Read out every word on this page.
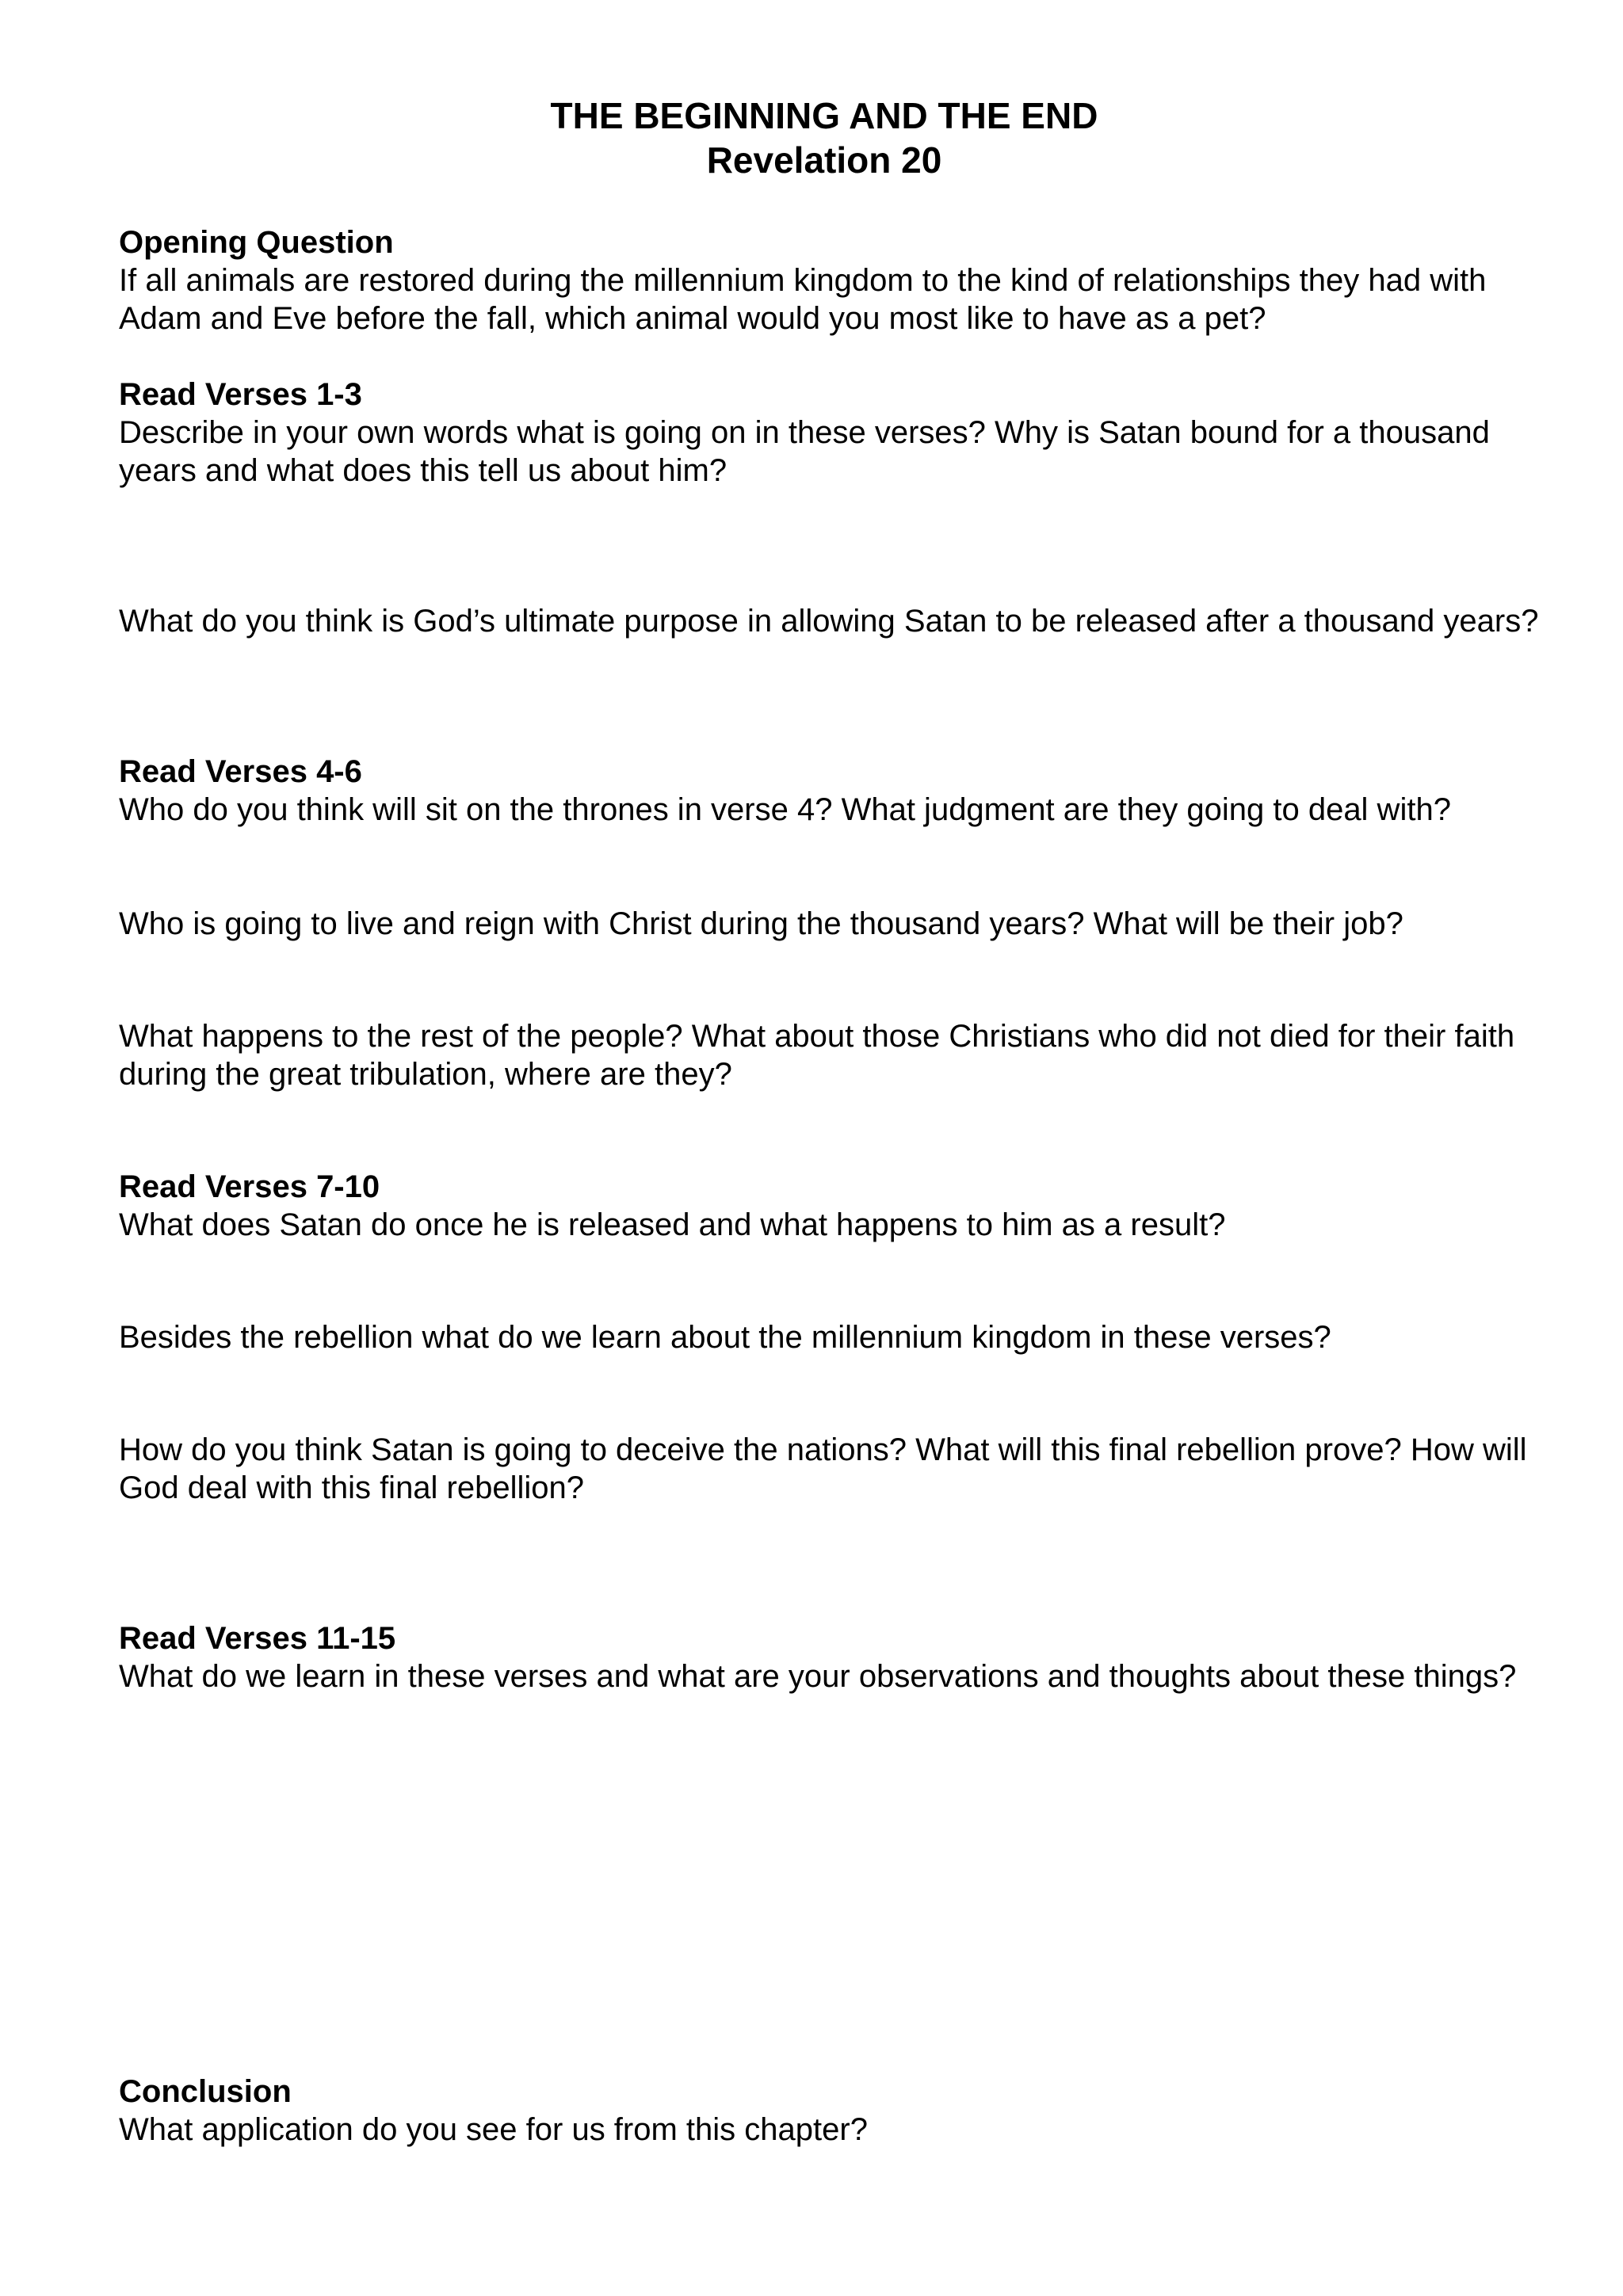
THE BEGINNING AND THE END
Revelation 20
Opening Question
If all animals are restored during the millennium kingdom to the kind of relationships they had with Adam and Eve before the fall, which animal would you most like to have as a pet?
Read Verses 1-3
Describe in your own words what is going on in these verses? Why is Satan bound for a thousand years and what does this tell us about him?
What do you think is God’s ultimate purpose in allowing Satan to be released after a thousand years?
Read Verses 4-6
Who do you think will sit on the thrones in verse 4? What judgment are they going to deal with?
Who is going to live and reign with Christ during the thousand years? What will be their job?
What happens to the rest of the people? What about those Christians who did not died for their faith during the great tribulation, where are they?
Read Verses 7-10
What does Satan do once he is released and what happens to him as a result?
Besides the rebellion what do we learn about the millennium kingdom in these verses?
How do you think Satan is going to deceive the nations? What will this final rebellion prove? How will God deal with this final rebellion?
Read Verses 11-15
What do we learn in these verses and what are your observations and thoughts about these things?
Conclusion
What application do you see for us from this chapter?
